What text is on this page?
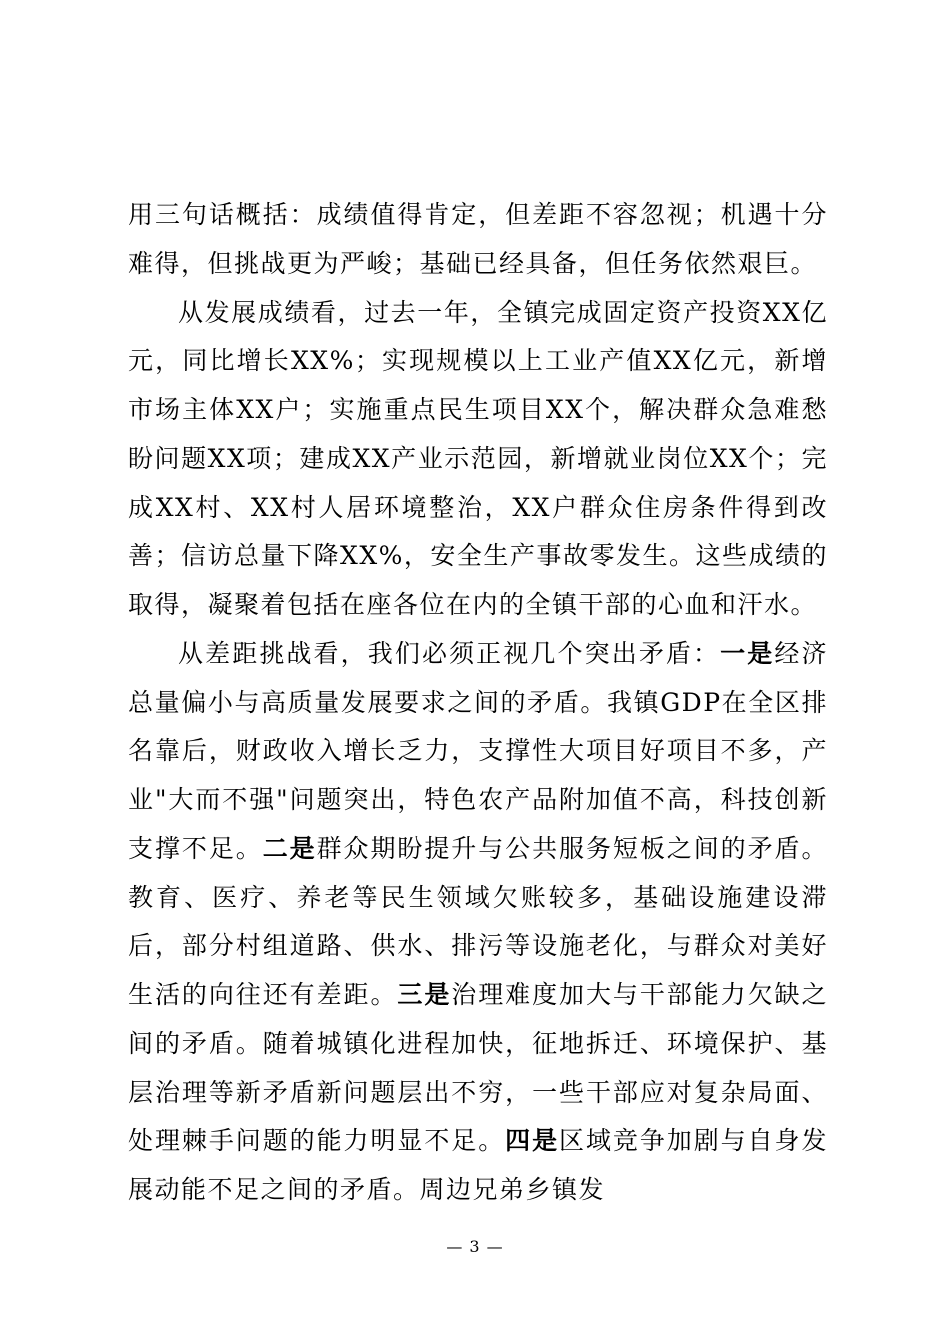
用三句话概括：成绩值得肯定，但差距不容忽视；机遇十分难得，但挑战更为严峻；基础已经具备，但任务依然艰巨。

从发展成绩看，过去一年，全镇完成固定资产投资XX亿元，同比增长XX%；实现规模以上工业产值XX亿元，新增市场主体XX户；实施重点民生项目XX个，解决群众急难愁盼问题XX项；建成XX产业示范园，新增就业岗位XX个；完成XX村、XX村人居环境整治，XX户群众住房条件得到改善；信访总量下降XX%，安全生产事故零发生。这些成绩的取得，凝聚着包括在座各位在内的全镇干部的心血和汗水。

从差距挑战看，我们必须正视几个突出矛盾：一是经济总量偏小与高质量发展要求之间的矛盾。我镇GDP在全区排名靠后，财政收入增长乏力，支撑性大项目好项目不多，产业"大而不强"问题突出，特色农产品附加值不高，科技创新支撑不足。二是群众期盼提升与公共服务短板之间的矛盾。教育、医疗、养老等民生领域欠账较多，基础设施建设滞后，部分村组道路、供水、排污等设施老化，与群众对美好生活的向往还有差距。三是治理难度加大与干部能力欠缺之间的矛盾。随着城镇化进程加快，征地拆迁、环境保护、基层治理等新矛盾新问题层出不穷，一些干部应对复杂局面、处理棘手问题的能力明显不足。四是区域竞争加剧与自身发展动能不足之间的矛盾。周边兄弟乡镇发

— 3 —
